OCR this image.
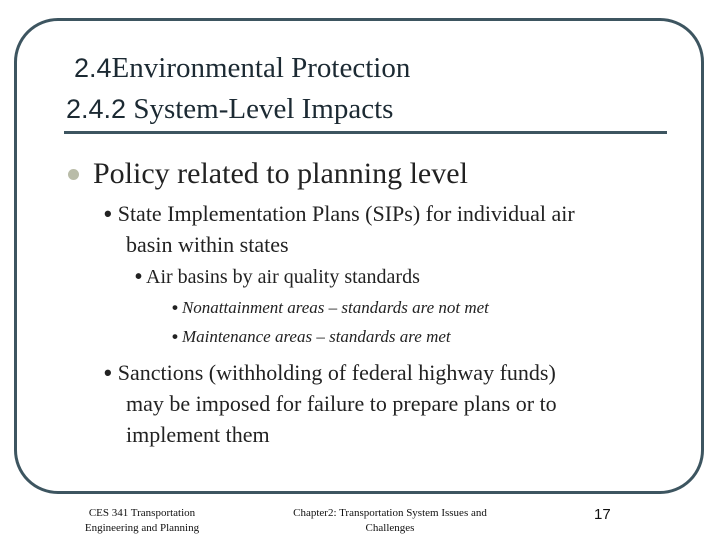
2.4Environmental Protection
2.4.2 System-Level Impacts
Policy related to planning level
• State Implementation Plans (SIPs) for individual air
basin within states
• Air basins by air quality standards
• Nonattainment areas – standards are not met
• Maintenance areas – standards are met
• Sanctions (withholding of federal highway funds)
may be imposed for failure to prepare plans or to
implement them
CES 341 Transportation
Engineering and Planning
Chapter2: Transportation System Issues and
Challenges
17
